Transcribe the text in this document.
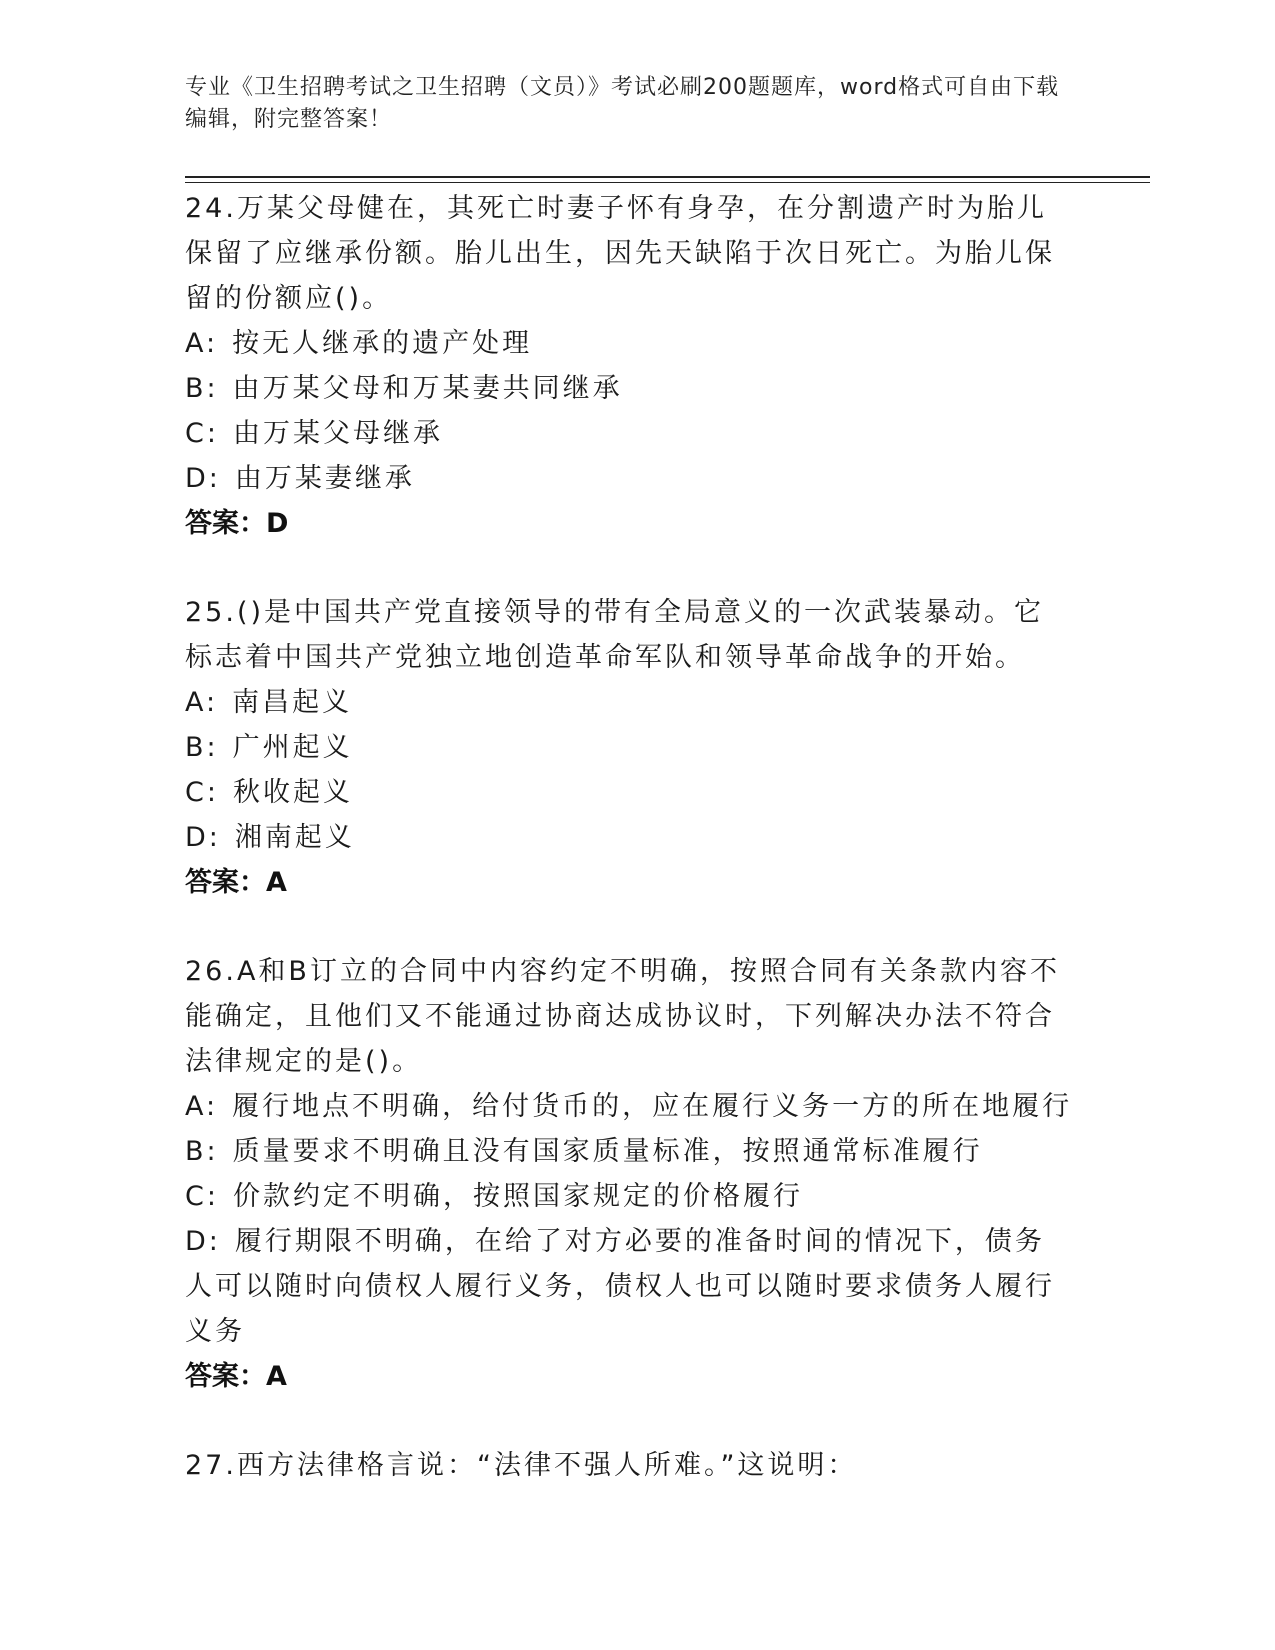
专业《卫生招聘考试之卫生招聘（文员）》考试必刷200题题库，word格式可自由下载编辑，附完整答案！
24.万某父母健在，其死亡时妻子怀有身孕，在分割遗产时为胎儿保留了应继承份额。胎儿出生，因先天缺陷于次日死亡。为胎儿保留的份额应()。
A: 按无人继承的遗产处理
B: 由万某父母和万某妻共同继承
C: 由万某父母继承
D: 由万某妻继承
答案：D
25.()是中国共产党直接领导的带有全局意义的一次武装暴动。它标志着中国共产党独立地创造革命军队和领导革命战争的开始。
A: 南昌起义
B: 广州起义
C: 秋收起义
D: 湘南起义
答案：A
26.A和B订立的合同中内容约定不明确，按照合同有关条款内容不能确定，且他们又不能通过协商达成协议时，下列解决办法不符合法律规定的是()。
A: 履行地点不明确，给付货币的，应在履行义务一方的所在地履行
B: 质量要求不明确且没有国家质量标准，按照通常标准履行
C: 价款约定不明确，按照国家规定的价格履行
D: 履行期限不明确，在给了对方必要的准备时间的情况下，债务人可以随时向债权人履行义务，债权人也可以随时要求债务人履行义务
答案：A
27.西方法律格言说：“法律不强人所难。”这说明：
